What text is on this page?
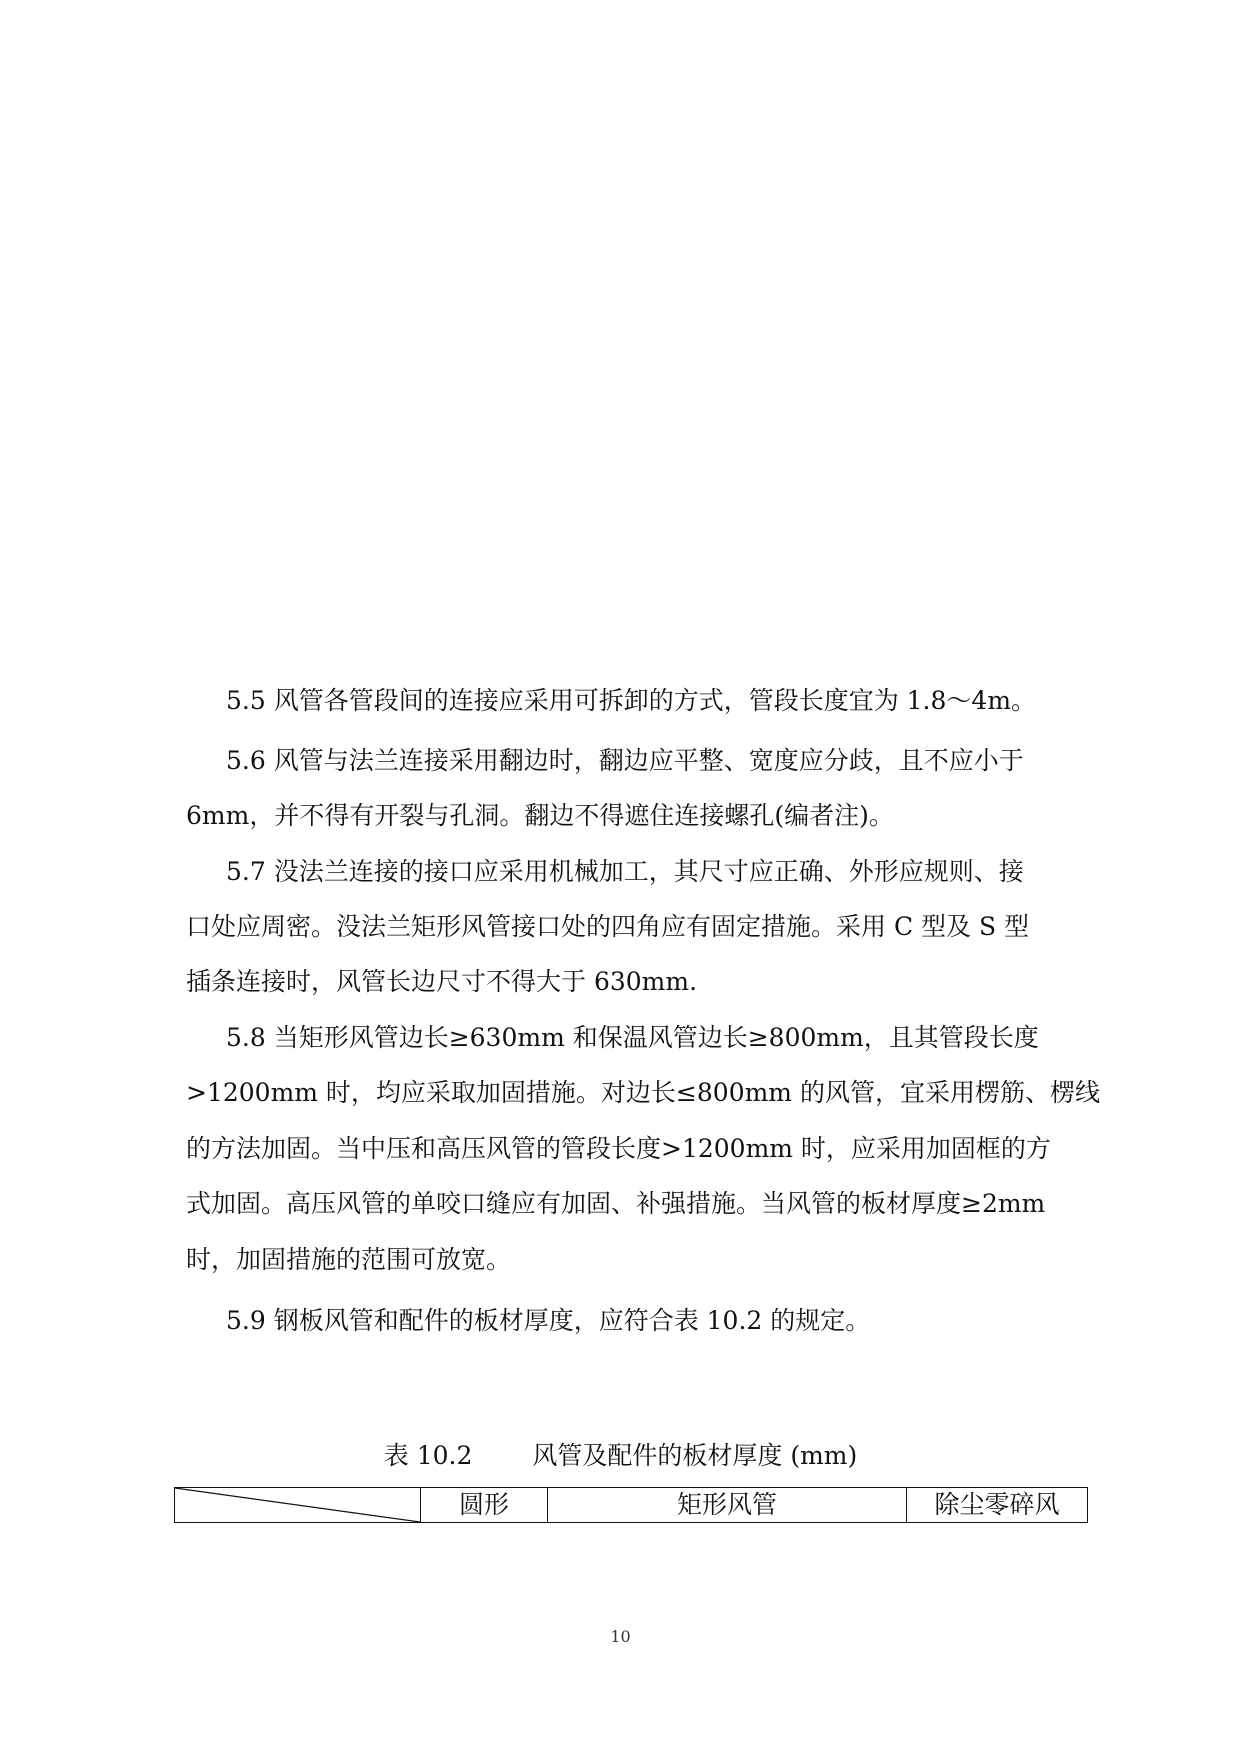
5.5 风管各管段间的连接应采用可拆卸的方式，管段长度宜为 1.8～4m。
5.6 风管与法兰连接采用翻边时，翻边应平整、宽度应分歧，且不应小于
6mm，并不得有开裂与孔洞。翻边不得遮住连接螺孔(编者注)。
5.7 没法兰连接的接口应采用机械加工，其尺寸应正确、外形应规则、接
口处应周密。没法兰矩形风管接口处的四角应有固定措施。采用 C 型及 S 型
插条连接时，风管长边尺寸不得大于 630mm.
5.8 当矩形风管边长≥630mm 和保温风管边长≥800mm，且其管段长度
>1200mm 时，均应采取加固措施。对边长≤800mm 的风管，宜采用楞筋、楞线
的方法加固。当中压和高压风管的管段长度>1200mm 时，应采用加固框的方
式加固。高压风管的单咬口缝应有加固、补强措施。当风管的板材厚度≥2mm
时，加固措施的范围可放宽。
5.9 钢板风管和配件的板材厚度，应符合表 10.2 的规定。
表 10.2 风管及配件的板材厚度 (mm)
	圆形	矩形风管	除尘零碎风
10
